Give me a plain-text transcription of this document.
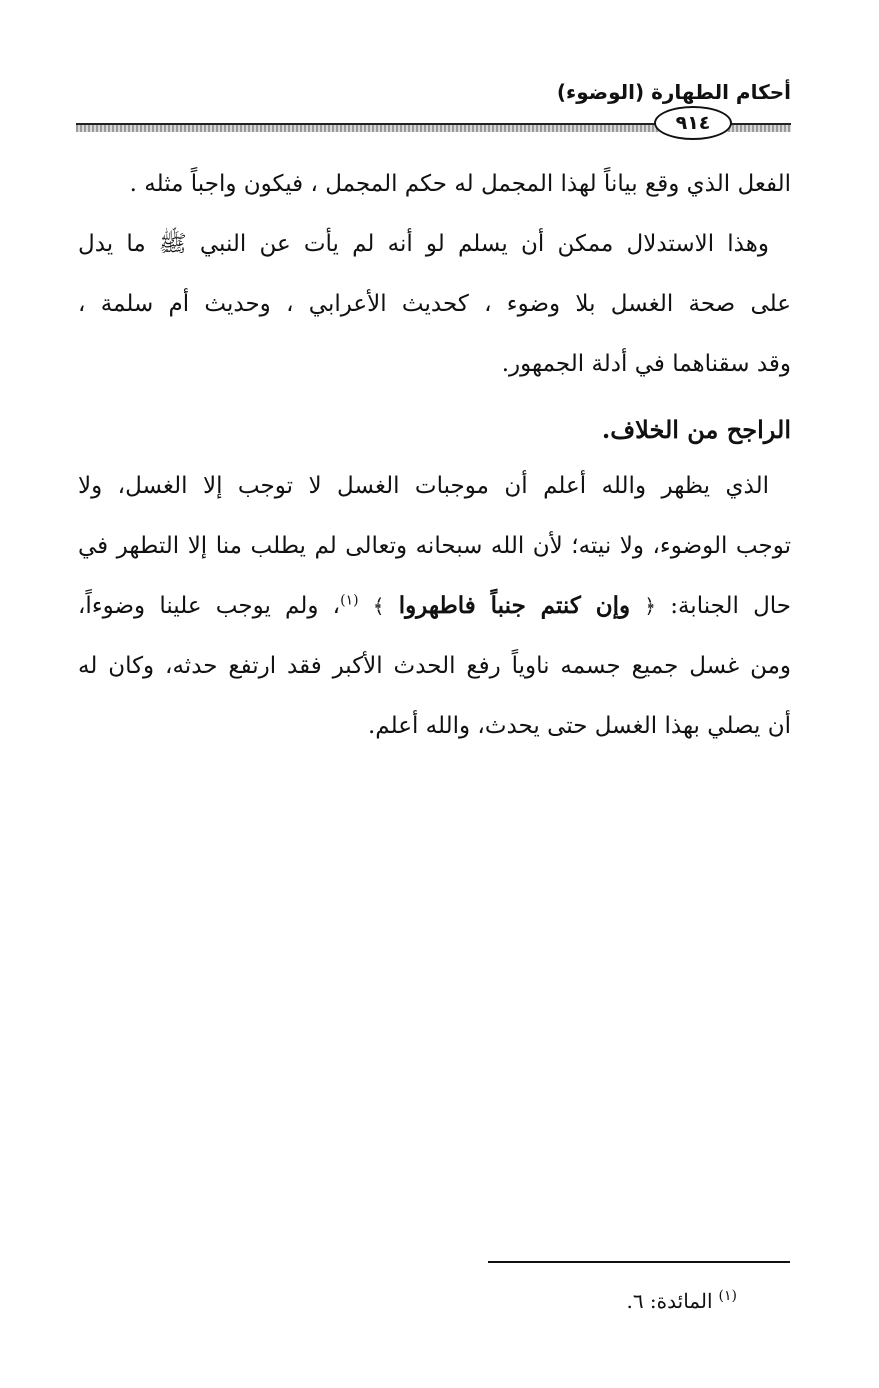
أحكام الطهارة (الوضوء)
٩١٤
الفعل الذي وقع بياناً لهذا المجمل له حكم المجمل ، فيكون واجباً مثله .
وهذا الاستدلال ممكن أن يسلم لو أنه لم يأت عن النبي ﷺ ما يدل
على صحة الغسل بلا وضوء ، كحديث الأعرابي ، وحديث أم سلمة ،
وقد سقناهما في أدلة الجمهور.
الراجح من الخلاف.
الذي يظهر والله أعلم أن موجبات الغسل لا توجب إلا الغسل، ولا
توجب الوضوء، ولا نيته؛ لأن الله سبحانه وتعالى لم يطلب منا إلا التطهر في
حال الجنابة: ﴿ وإن كنتم جنباً فاطهروا ﴾ $^{(١)}$، ولم يوجب علينا وضوءاً،
ومن غسل جميع جسمه ناوياً رفع الحدث الأكبر فقد ارتفع حدثه، وكان له
أن يصلي بهذا الغسل حتى يحدث، والله أعلم.
$^{(١)}$المائدة: ٦.
